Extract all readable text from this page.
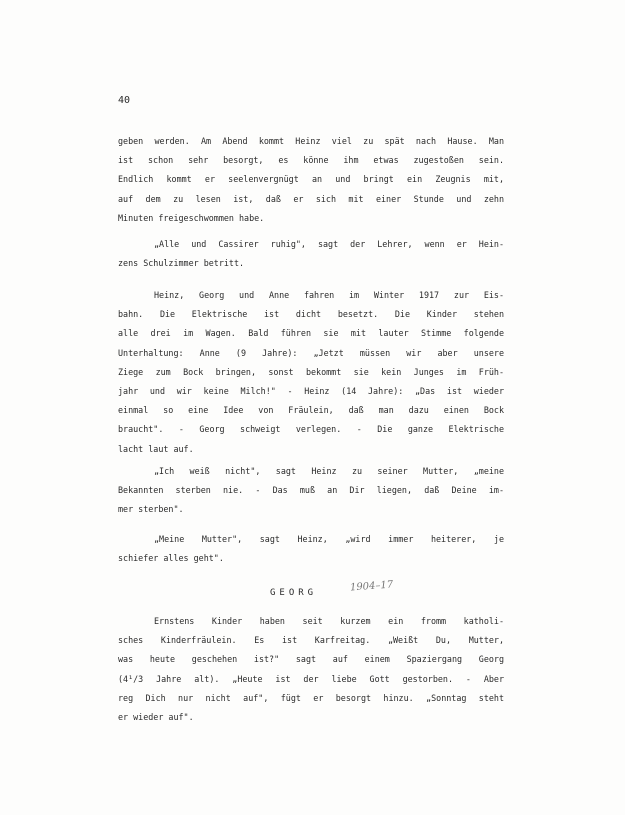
40
geben werden. Am Abend kommt Heinz viel zu spät nach Hause. Man
ist schon sehr besorgt, es könne ihm etwas zugestoßen sein.
Endlich kommt er seelenvergnügt an und bringt ein Zeugnis mit,
auf dem zu lesen ist, daß er sich mit einer Stunde und zehn
Minuten freigeschwommen habe.
„Alle und Cassirer ruhig", sagt der Lehrer, wenn er Hein-
zens Schulzimmer betritt.
Heinz, Georg und Anne fahren im Winter 1917 zur Eis-
bahn. Die Elektrische ist dicht besetzt. Die Kinder stehen
alle drei im Wagen. Bald führen sie mit lauter Stimme folgende
Unterhaltung: Anne (9 Jahre): „Jetzt müssen wir aber unsere
Ziege zum Bock bringen, sonst bekommt sie kein Junges im Früh-
jahr und wir keine Milch!" - Heinz (14 Jahre): „Das ist wieder
einmal so eine Idee von Fräulein, daß man dazu einen Bock
braucht". - Georg schweigt verlegen. - Die ganze Elektrische
lacht laut auf.
„Ich weiß nicht", sagt Heinz zu seiner Mutter, „meine
Bekannten sterben nie. - Das muß an Dir liegen, daß Deine im-
mer sterben".
„Meine Mutter", sagt Heinz, „wird immer heiterer, je
schiefer alles geht".
Ernstens Kinder haben seit kurzem ein fromm katholi-
sches Kinderfräulein. Es ist Karfreitag. „Weißt Du, Mutter,
was heute geschehen ist?" sagt auf einem Spaziergang Georg
(4¹/3 Jahre alt). „Heute ist der liebe Gott gestorben. - Aber
reg Dich nur nicht auf", fügt er besorgt hinzu. „Sonntag steht
er wieder auf".
GEORG	1904–17
